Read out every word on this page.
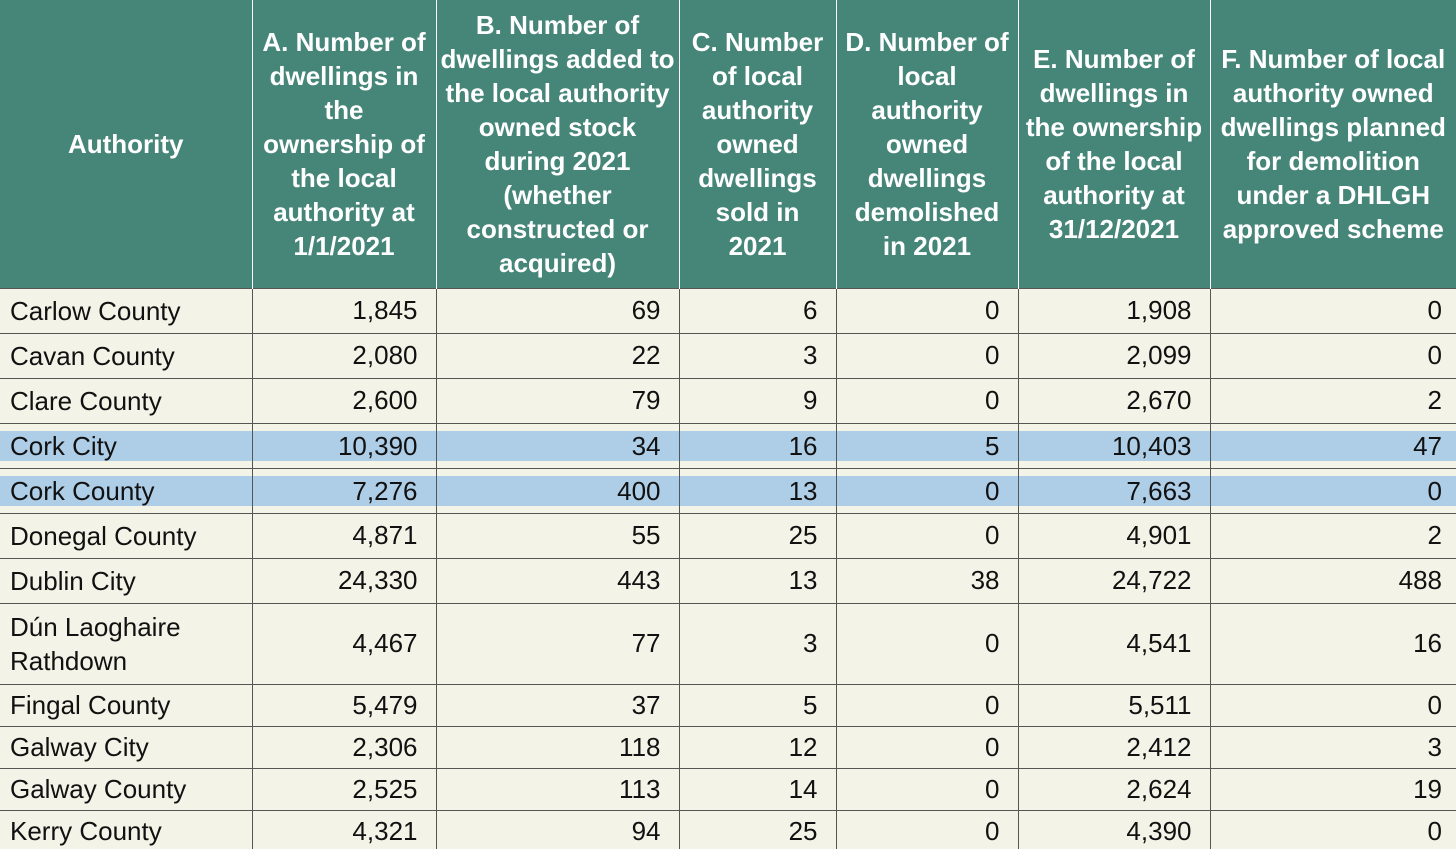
Authority	A. Number of dwellings in the ownership of the local authority at 1/1/2021	B. Number of dwellings added to the local authority owned stock during 2021 (whether constructed or acquired)	C. Number of local authority owned dwellings sold in 2021	D. Number of local authority owned dwellings demolished in 2021	E. Number of dwellings in the ownership of the local authority at 31/12/2021	F. Number of local authority owned dwellings planned for demolition under a DHLGH approved scheme
Carlow County	1,845	69	6	0	1,908	0
Cavan County	2,080	22	3	0	2,099	0
Clare County	2,600	79	9	0	2,670	2

Cork City	10,390	34	16	5	10,403	47

Cork County	7,276	400	13	0	7,663	0

Donegal County	4,871	55	25	0	4,901	2
Dublin City	24,330	443	13	38	24,722	488
Dún Laoghaire Rathdown	4,467	77	3	0	4,541	16
Fingal County	5,479	37	5	0	5,511	0
Galway City	2,306	118	12	0	2,412	3
Galway County	2,525	113	14	0	2,624	19
Kerry County	4,321	94	25	0	4,390	0
